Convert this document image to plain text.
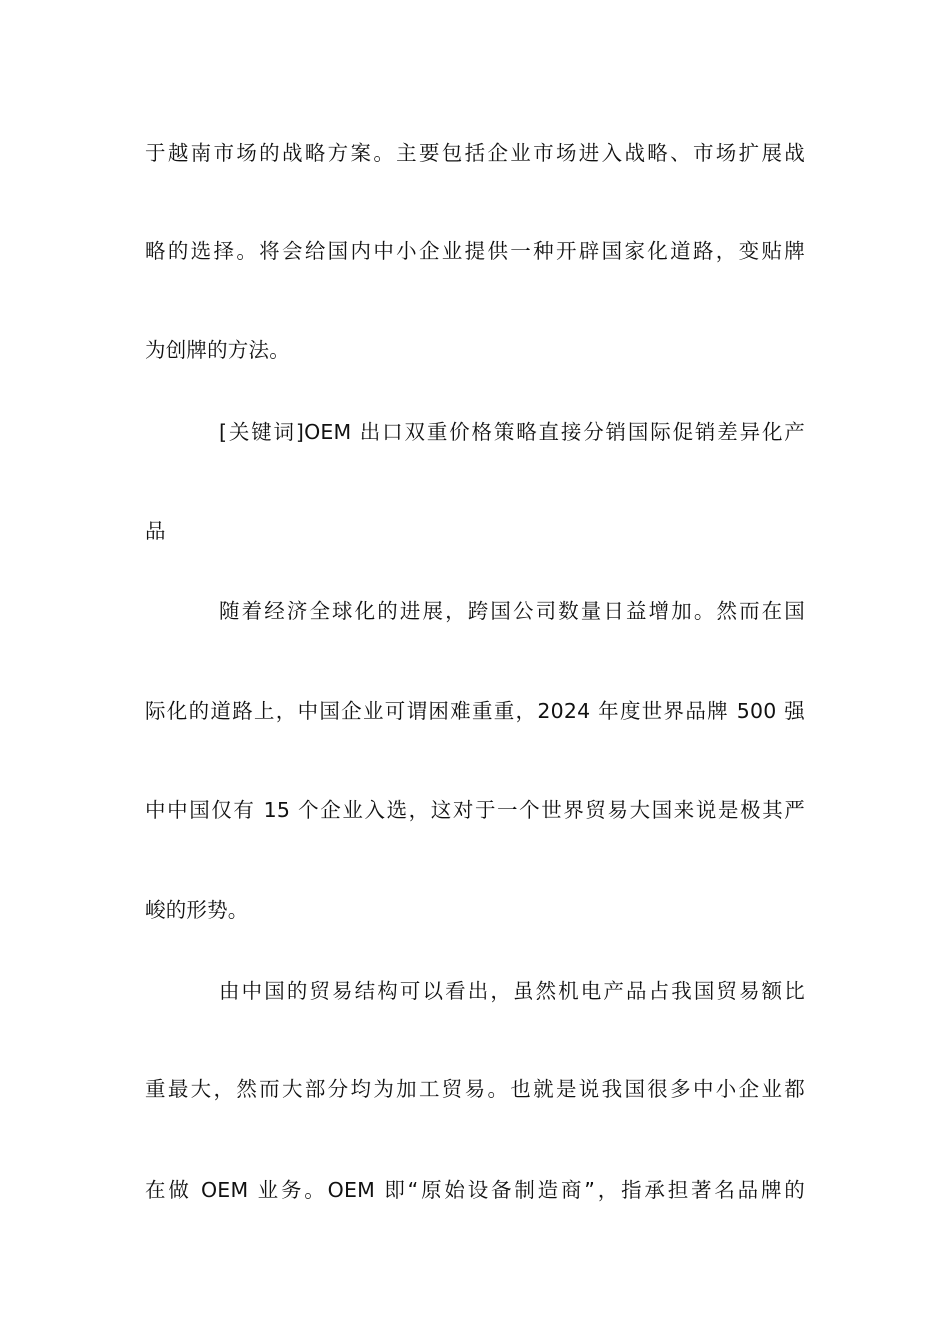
于越南市场的战略方案。主要包括企业市场进入战略、市场扩展战
略的选择。将会给国内中小企业提供一种开辟国家化道路，变贴牌
为创牌的方法。
[关键词]OEM 出口双重价格策略直接分销国际促销差异化产
品
随着经济全球化的进展，跨国公司数量日益增加。然而在国
际化的道路上，中国企业可谓困难重重，2024 年度世界品牌 500 强
中中国仅有 15 个企业入选，这对于一个世界贸易大国来说是极其严
峻的形势。
由中国的贸易结构可以看出，虽然机电产品占我国贸易额比
重最大，然而大部分均为加工贸易。也就是说我国很多中小企业都
在做 OEM 业务。OEM 即“原始设备制造商”，指承担著名品牌的
